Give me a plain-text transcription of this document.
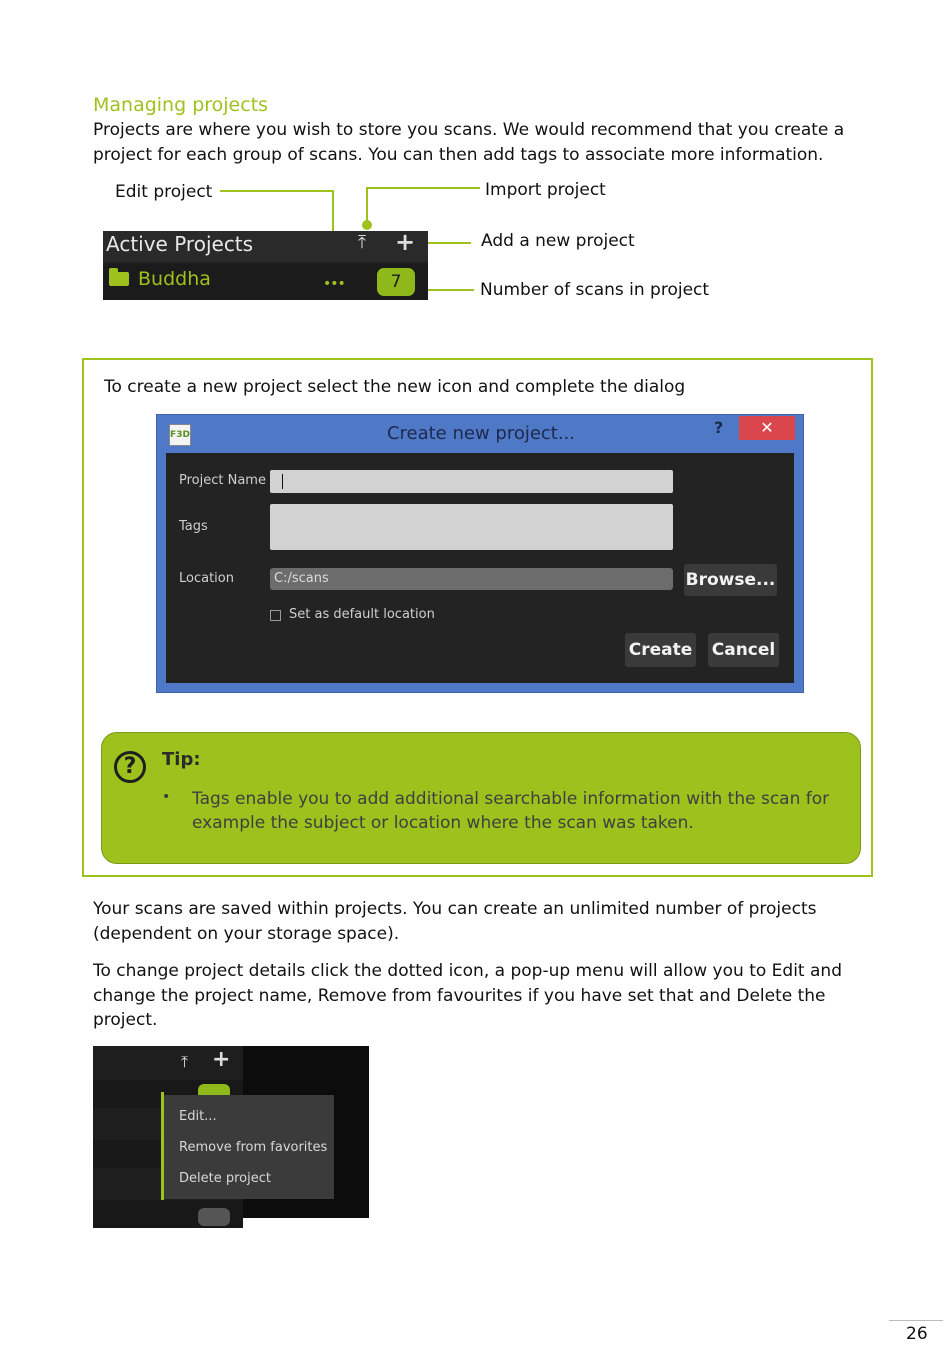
Managing projects
Projects are where you wish to store you scans. We would recommend that you create a project for each group of scans. You can then add tags to associate more information.
Edit project	Import project
Add a new project
Number of scans in project
Active Projects	⤒ +
Buddha	•••	7
To create a new project select the new icon and complete the dialog
Create new project...
F3D	?	✕
Project Name
Tags
Location	C:/scans	Browse...
Set as default location
Create Cancel
?	Tip:
• Tags enable you to add additional searchable information with the scan for example the subject or location where the scan was taken.
Your scans are saved within projects. You can create an unlimited number of projects (dependent on your storage space).
To change project details click the dotted icon, a pop-up menu will allow you to Edit and change the project name, Remove from favourites if you have set that and Delete the project.
⤒ +
Edit...
Remove from favorites
Delete project
26
